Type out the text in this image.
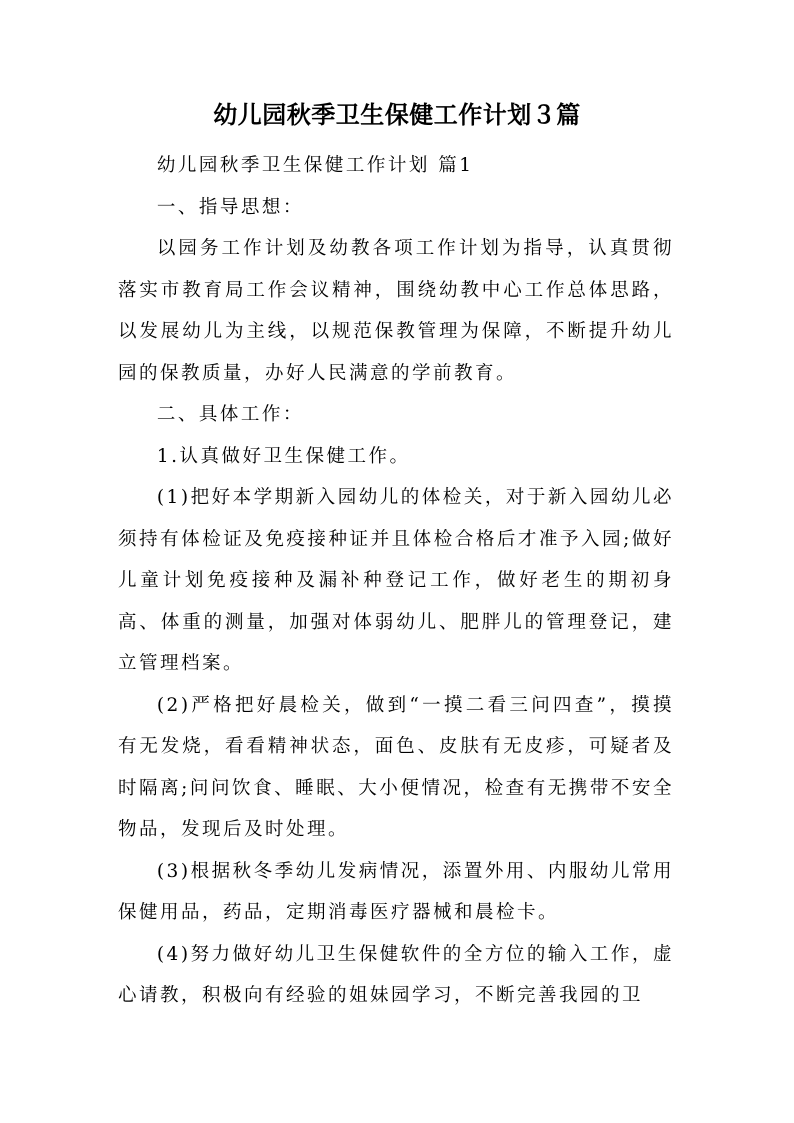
幼儿园秋季卫生保健工作计划３篇

幼儿园秋季卫生保健工作计划 篇1

一、指导思想：

以园务工作计划及幼教各项工作计划为指导，认真贯彻落实市教育局工作会议精神，围绕幼教中心工作总体思路，以发展幼儿为主线，以规范保教管理为保障，不断提升幼儿园的保教质量，办好人民满意的学前教育。

二、具体工作：

1.认真做好卫生保健工作。

(1)把好本学期新入园幼儿的体检关，对于新入园幼儿必须持有体检证及免疫接种证并且体检合格后才准予入园;做好儿童计划免疫接种及漏补种登记工作，做好老生的期初身高、体重的测量，加强对体弱幼儿、肥胖儿的管理登记，建立管理档案。

(2)严格把好晨检关，做到“一摸二看三问四查”，摸摸有无发烧，看看精神状态，面色、皮肤有无皮疹，可疑者及时隔离;问问饮食、睡眠、大小便情况，检查有无携带不安全物品，发现后及时处理。

(3)根据秋冬季幼儿发病情况，添置外用、内服幼儿常用保健用品，药品，定期消毒医疗器械和晨检卡。

(4)努力做好幼儿卫生保健软件的全方位的输入工作，虚心请教，积极向有经验的姐妹园学习，不断完善我园的卫
